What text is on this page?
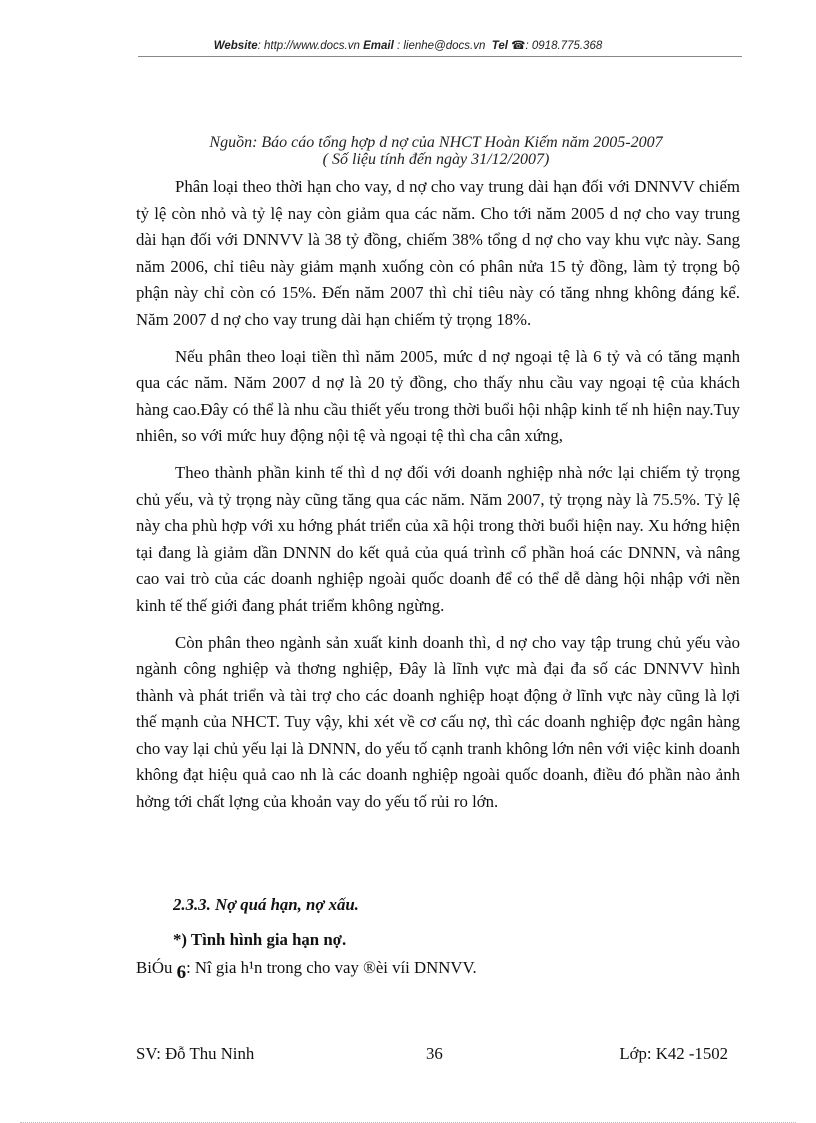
Website: http://www.docs.vn Email : lienhe@docs.vn  Tel ☎: 0918.775.368
Nguồn: Báo cáo tổng hợp d nợ của NHCT Hoàn Kiếm năm 2005-2007
( Số liệu tính đến ngày 31/12/2007)

Phân loại theo thời hạn cho vay, d nợ cho vay trung dài hạn đối với DNNVV chiếm tỷ lệ còn nhỏ và tỷ lệ nay còn giảm qua các năm. Cho tới năm 2005 d nợ cho vay trung dài hạn đối với DNNVV là 38 tỷ đồng, chiếm 38% tổng d nợ cho vay khu vực này. Sang năm 2006, chỉ tiêu này giảm mạnh xuống còn có phân nửa 15 tỷ đồng, làm tỷ trọng bộ phận này chỉ còn có 15%. Đến năm 2007 thì chỉ tiêu này có tăng nhng không đáng kể. Năm 2007 d nợ cho vay trung dài hạn chiếm tỷ trọng 18%.

Nếu phân theo loại tiền thì năm 2005, mức d nợ ngoại tệ là 6 tỷ và có tăng mạnh qua các năm. Năm 2007 d nợ là 20 tỷ đồng, cho thấy nhu cầu vay ngoại tệ của khách hàng cao.Đây có thể là nhu cầu thiết yếu trong thời buổi hội nhập kinh tế nh hiện nay.Tuy nhiên, so với mức huy động nội tệ và ngoại tệ thì cha cân xứng,

Theo thành phần kinh tế thì d nợ đối với doanh nghiệp nhà nớc lại chiếm tỷ trọng chủ yếu, và tỷ trọng này cũng tăng qua các năm. Năm 2007, tỷ trọng này là 75.5%. Tỷ lệ này cha phù hợp với xu hớng phát triển của xã hội trong thời buổi hiện nay. Xu hớng hiện tại đang là giảm dần DNNN do kết quả của quá trình cổ phần hoá các DNNN, và nâng cao vai trò của các doanh nghiệp ngoài quốc doanh để có thể dễ dàng hội nhập với nền kinh tế thế giới đang phát triểm không ngừng.

Còn phân theo ngành sản xuất kinh doanh thì, d nợ cho vay tập trung chủ yếu vào ngành công nghiệp và thơng nghiệp, Đây là lĩnh vực mà đại đa số các DNNVV hình thành và phát triển và tài trợ cho các doanh nghiệp hoạt động ở lĩnh vực này cũng là lợi thế mạnh của NHCT. Tuy vậy, khi xét về cơ cấu nợ, thì các doanh nghiệp đợc ngân hàng cho vay lại chủ yếu lại là DNNN, do yếu tố cạnh tranh không lớn nên với việc kinh doanh không đạt hiệu quả cao nh là các doanh nghiệp ngoài quốc doanh, điều đó phần nào ảnh hởng tới chất lợng của khoản vay do yếu tố rủi ro lớn.

2.3.3. Nợ quá hạn, nợ xấu.
*) Tình hình gia hạn nợ.
BiÓu 6: Nî gia h¹n trong cho vay ®èi víi DNNVV.
SV: Đỗ Thu Ninh	36	Lớp: K42 -1502
